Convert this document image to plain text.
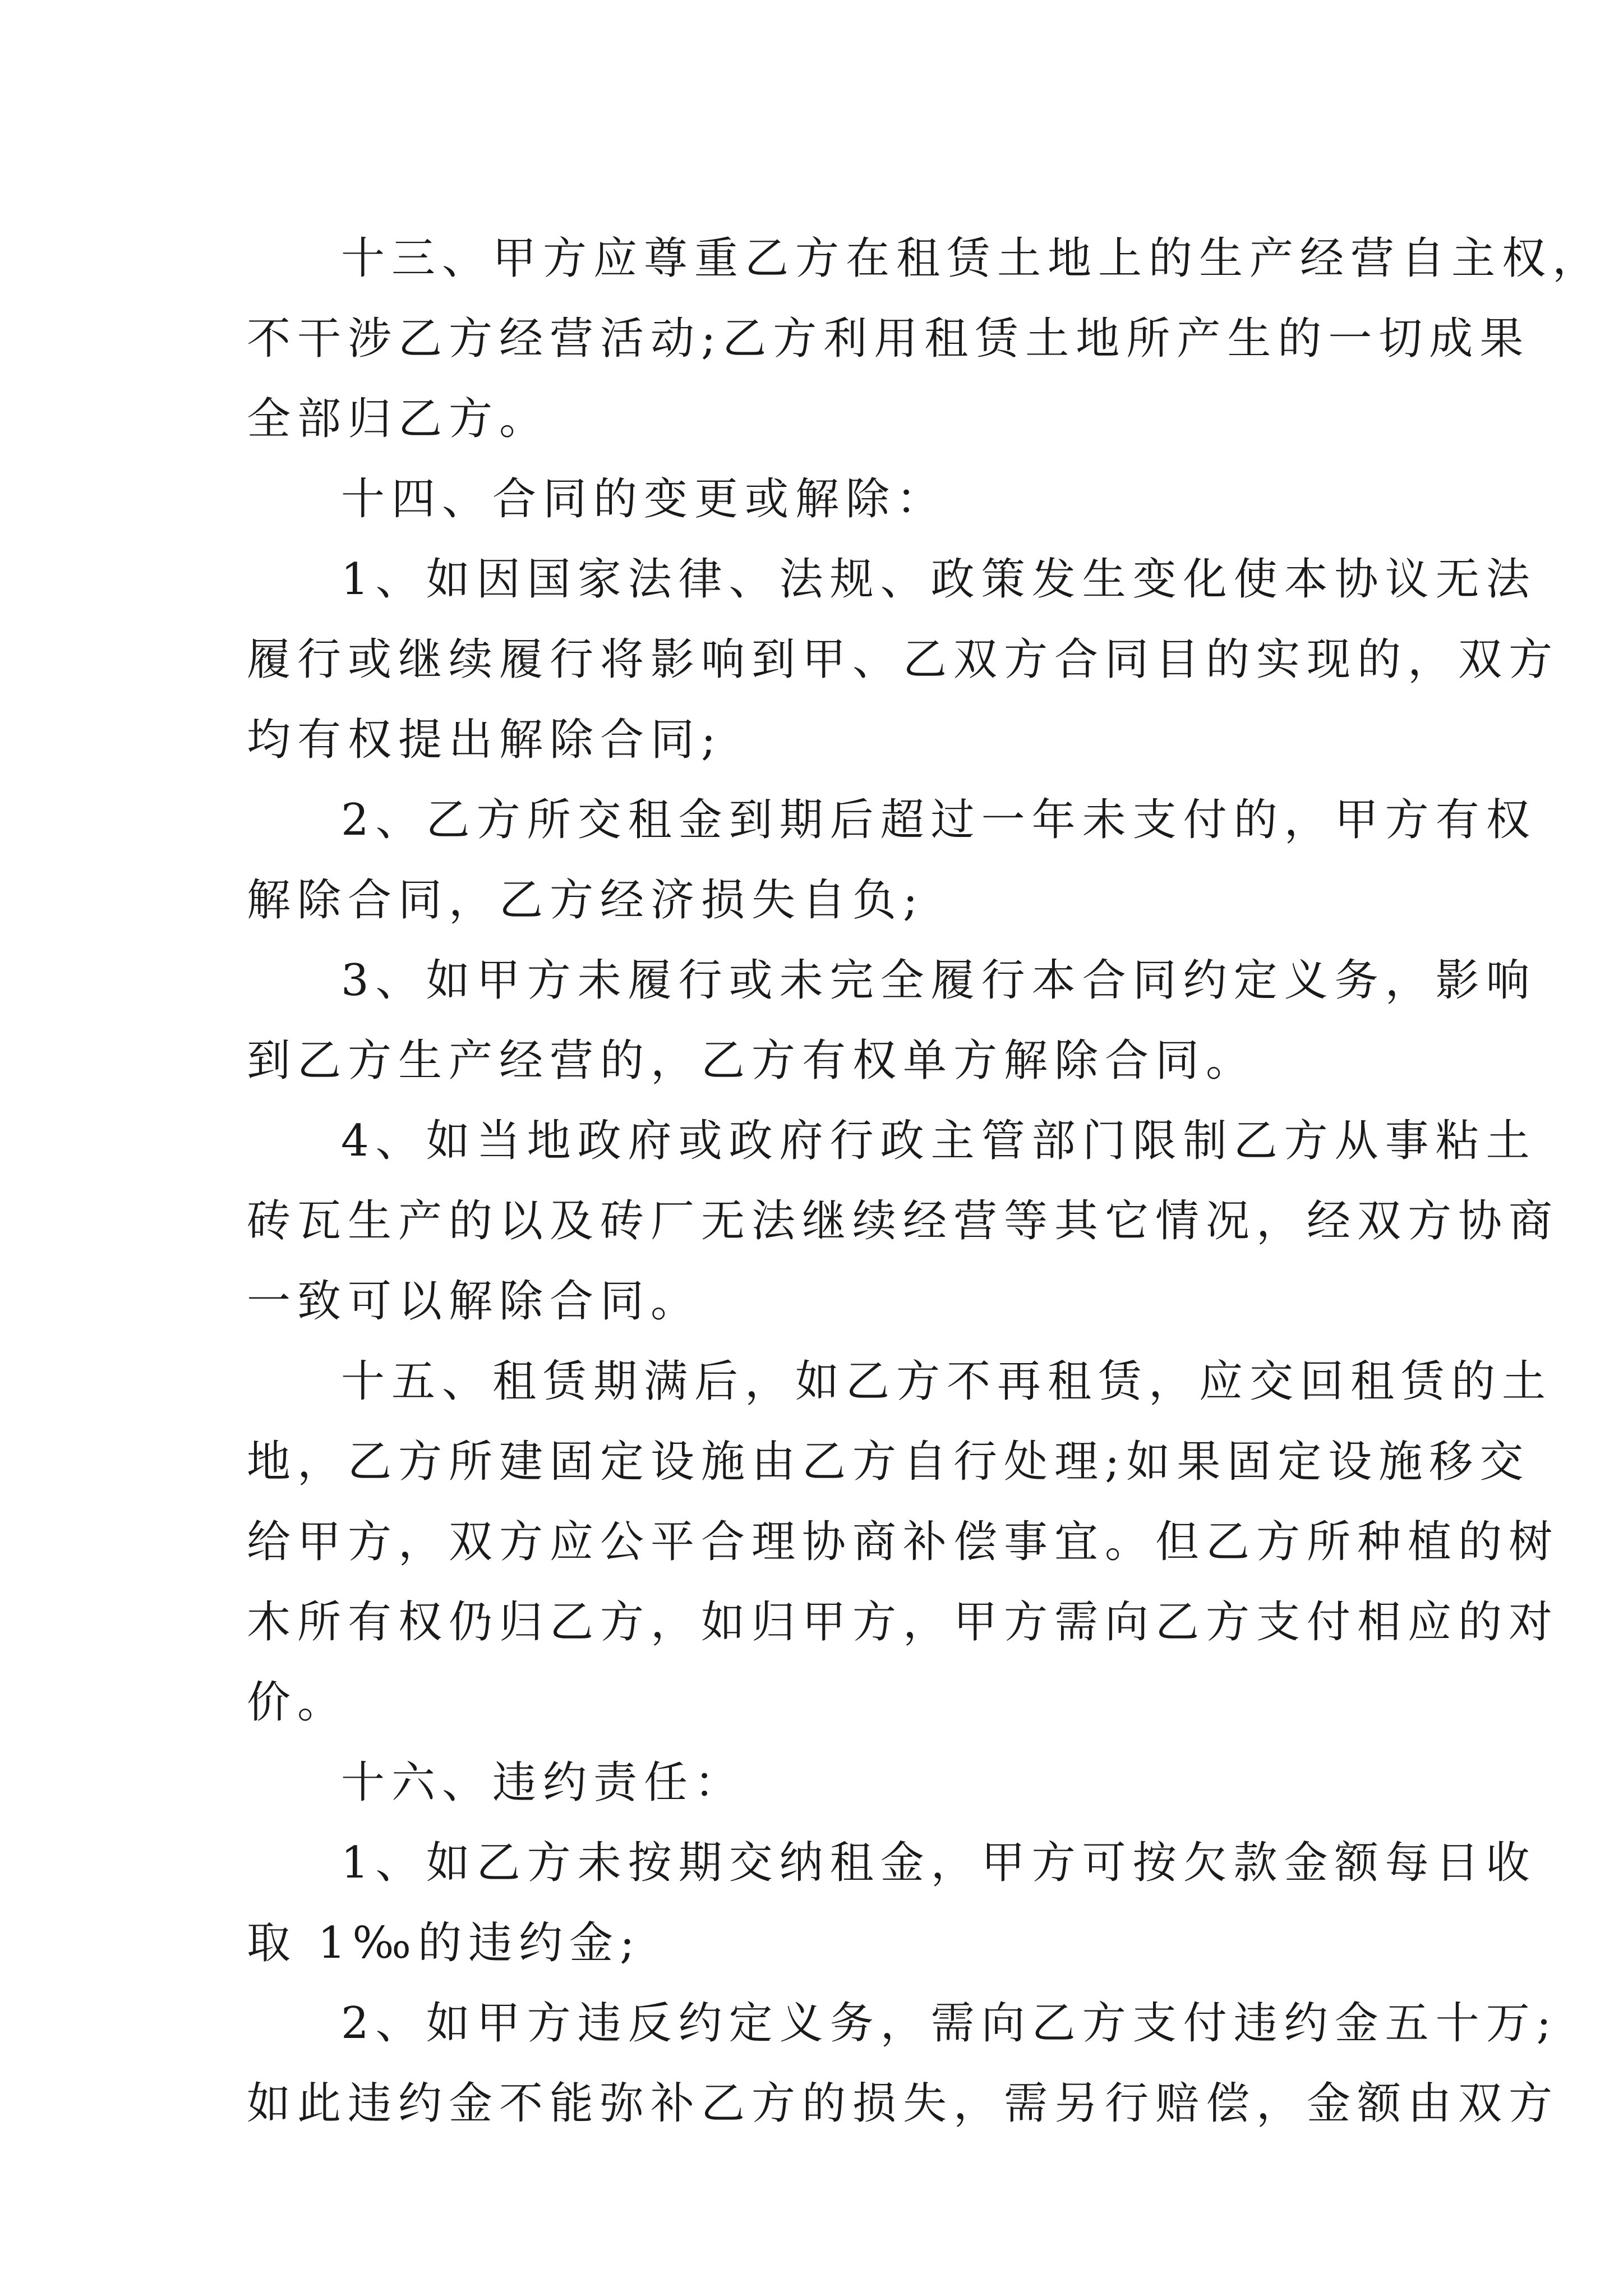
十三、甲方应尊重乙方在租赁土地上的生产经营自主权，
不干涉乙方经营活动;乙方利用租赁土地所产生的一切成果
全部归乙方。
十四、合同的变更或解除：
1、如因国家法律、法规、政策发生变化使本协议无法
履行或继续履行将影响到甲、乙双方合同目的实现的，双方
均有权提出解除合同;
2、乙方所交租金到期后超过一年未支付的，甲方有权
解除合同，乙方经济损失自负;
3、如甲方未履行或未完全履行本合同约定义务，影响
到乙方生产经营的，乙方有权单方解除合同。
4、如当地政府或政府行政主管部门限制乙方从事粘土
砖瓦生产的以及砖厂无法继续经营等其它情况，经双方协商
一致可以解除合同。
十五、租赁期满后，如乙方不再租赁，应交回租赁的土
地，乙方所建固定设施由乙方自行处理;如果固定设施移交
给甲方，双方应公平合理协商补偿事宜。但乙方所种植的树
木所有权仍归乙方，如归甲方，甲方需向乙方支付相应的对
价。
十六、违约责任：
1、如乙方未按期交纳租金，甲方可按欠款金额每日收
取 1‰的违约金;
2、如甲方违反约定义务，需向乙方支付违约金五十万;
如此违约金不能弥补乙方的损失，需另行赔偿，金额由双方
